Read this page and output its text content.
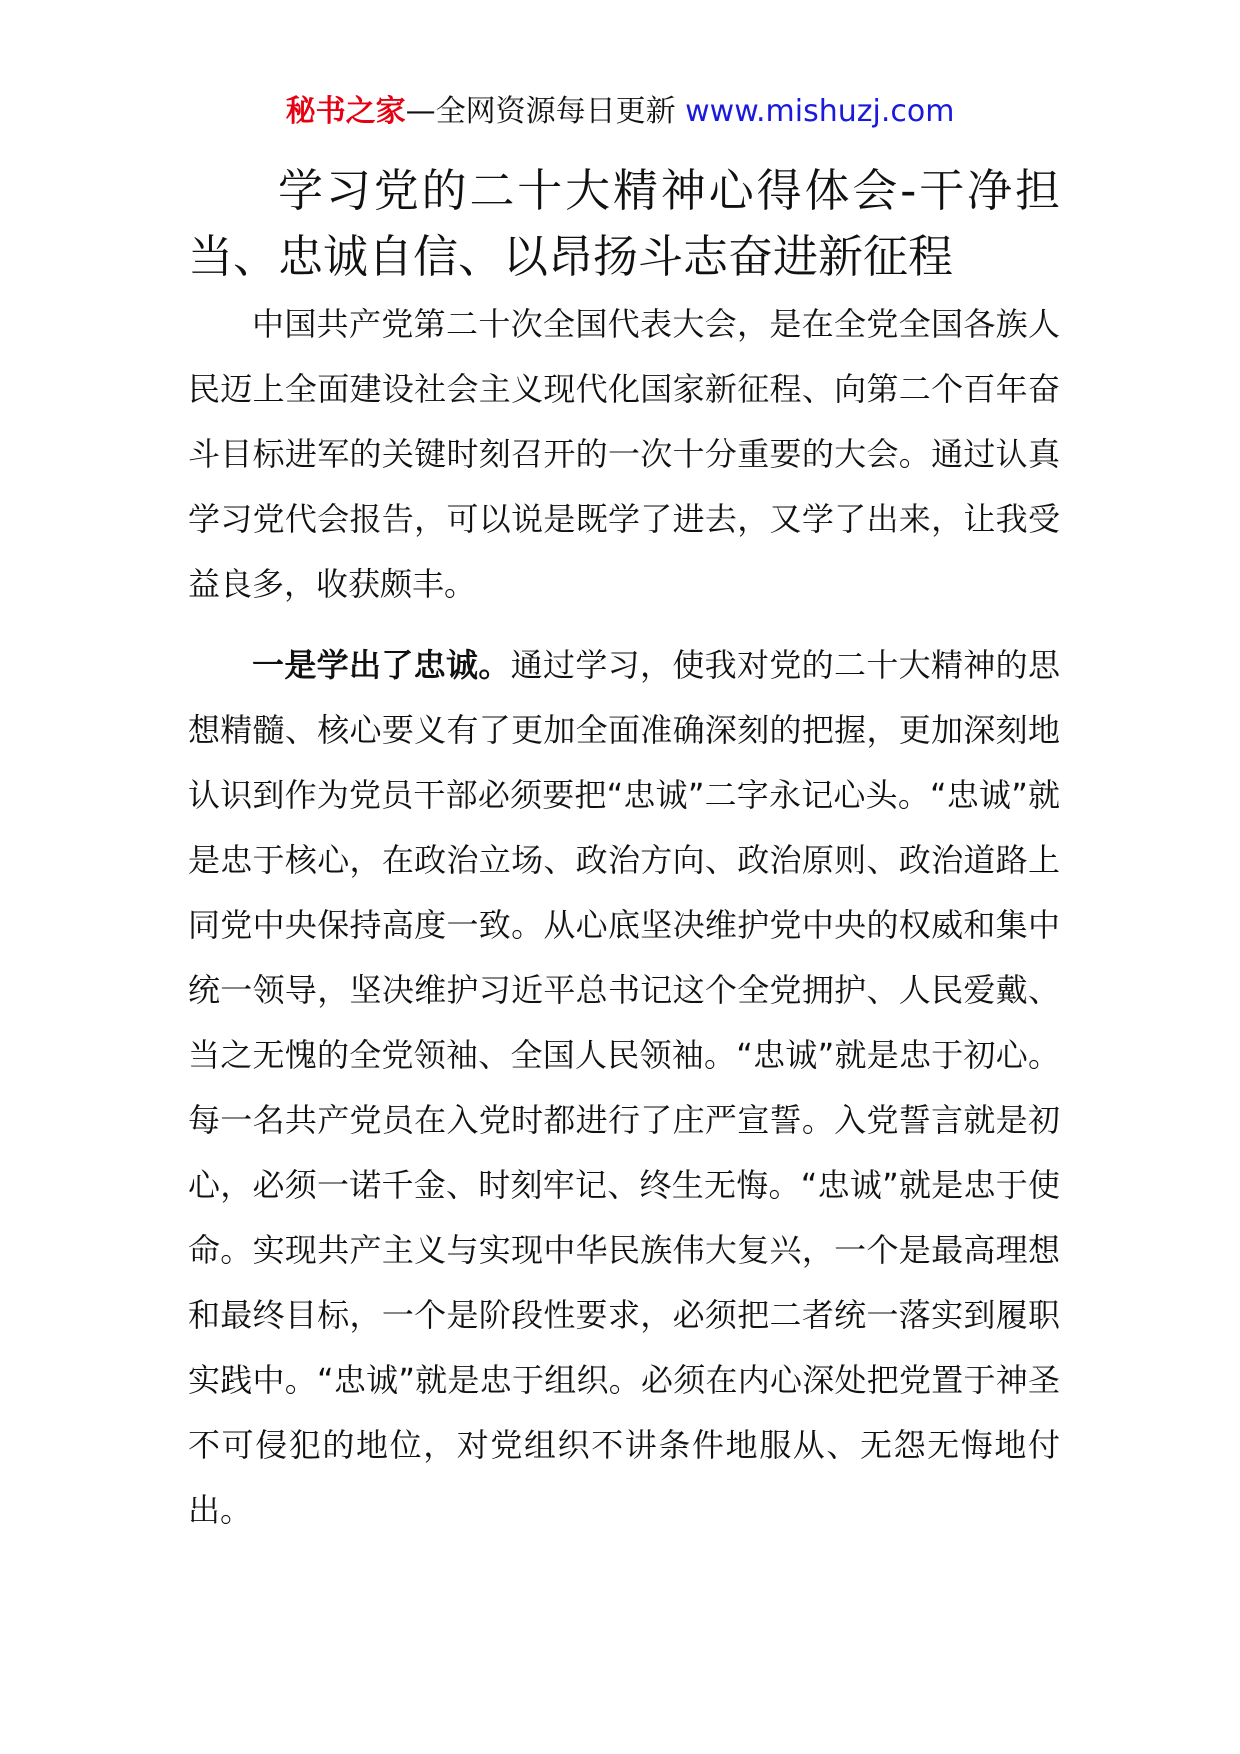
秘书之家—全网资源每日更新 www.mishuzj.com
学习党的二十大精神心得体会-干净担当、忠诚自信、以昂扬斗志奋进新征程

中国共产党第二十次全国代表大会，是在全党全国各族人民迈上全面建设社会主义现代化国家新征程、向第二个百年奋斗目标进军的关键时刻召开的一次十分重要的大会。通过认真学习党代会报告，可以说是既学了进去，又学了出来，让我受益良多，收获颇丰。

一是学出了忠诚。通过学习，使我对党的二十大精神的思想精髓、核心要义有了更加全面准确深刻的把握，更加深刻地认识到作为党员干部必须要把“忠诚”二字永记心头。“忠诚”就是忠于核心，在政治立场、政治方向、政治原则、政治道路上同党中央保持高度一致。从心底坚决维护党中央的权威和集中统一领导，坚决维护习近平总书记这个全党拥护、人民爱戴、当之无愧的全党领袖、全国人民领袖。“忠诚”就是忠于初心。每一名共产党员在入党时都进行了庄严宣誓。入党誓言就是初心，必须一诺千金、时刻牢记、终生无悔。“忠诚”就是忠于使命。实现共产主义与实现中华民族伟大复兴，一个是最高理想和最终目标，一个是阶段性要求，必须把二者统一落实到履职实践中。“忠诚”就是忠于组织。必须在内心深处把党置于神圣不可侵犯的地位，对党组织不讲条件地服从、无怨无悔地付出。
